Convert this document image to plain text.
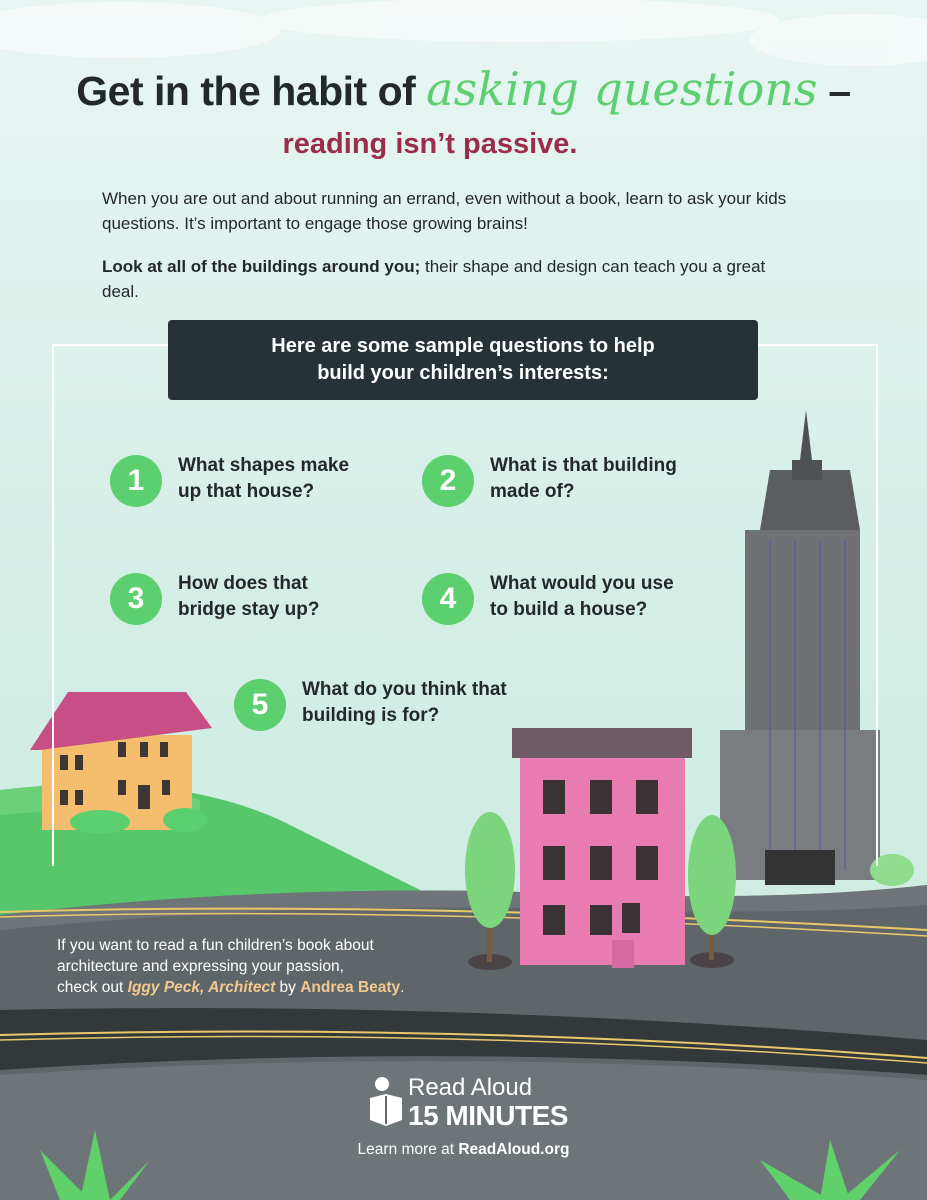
Get in the habit of asking questions –
reading isn’t passive.
When you are out and about running an errand, even without a book, learn to ask your kids questions. It’s important to engage those growing brains!
Look at all of the buildings around you; their shape and design can teach you a great deal.
Here are some sample questions to help
build your children’s interests:
1	What shapes make
up that house?	2	What is that building
made of?
3	How does that
bridge stay up?	4	What would you use
to build a house?
5	What do you think that
building is for?
If you want to read a fun children’s book about
architecture and expressing your passion,
check out Iggy Peck, Architect by Andrea Beaty.
Read Aloud
15 MINUTES
Learn more at ReadAloud.org
